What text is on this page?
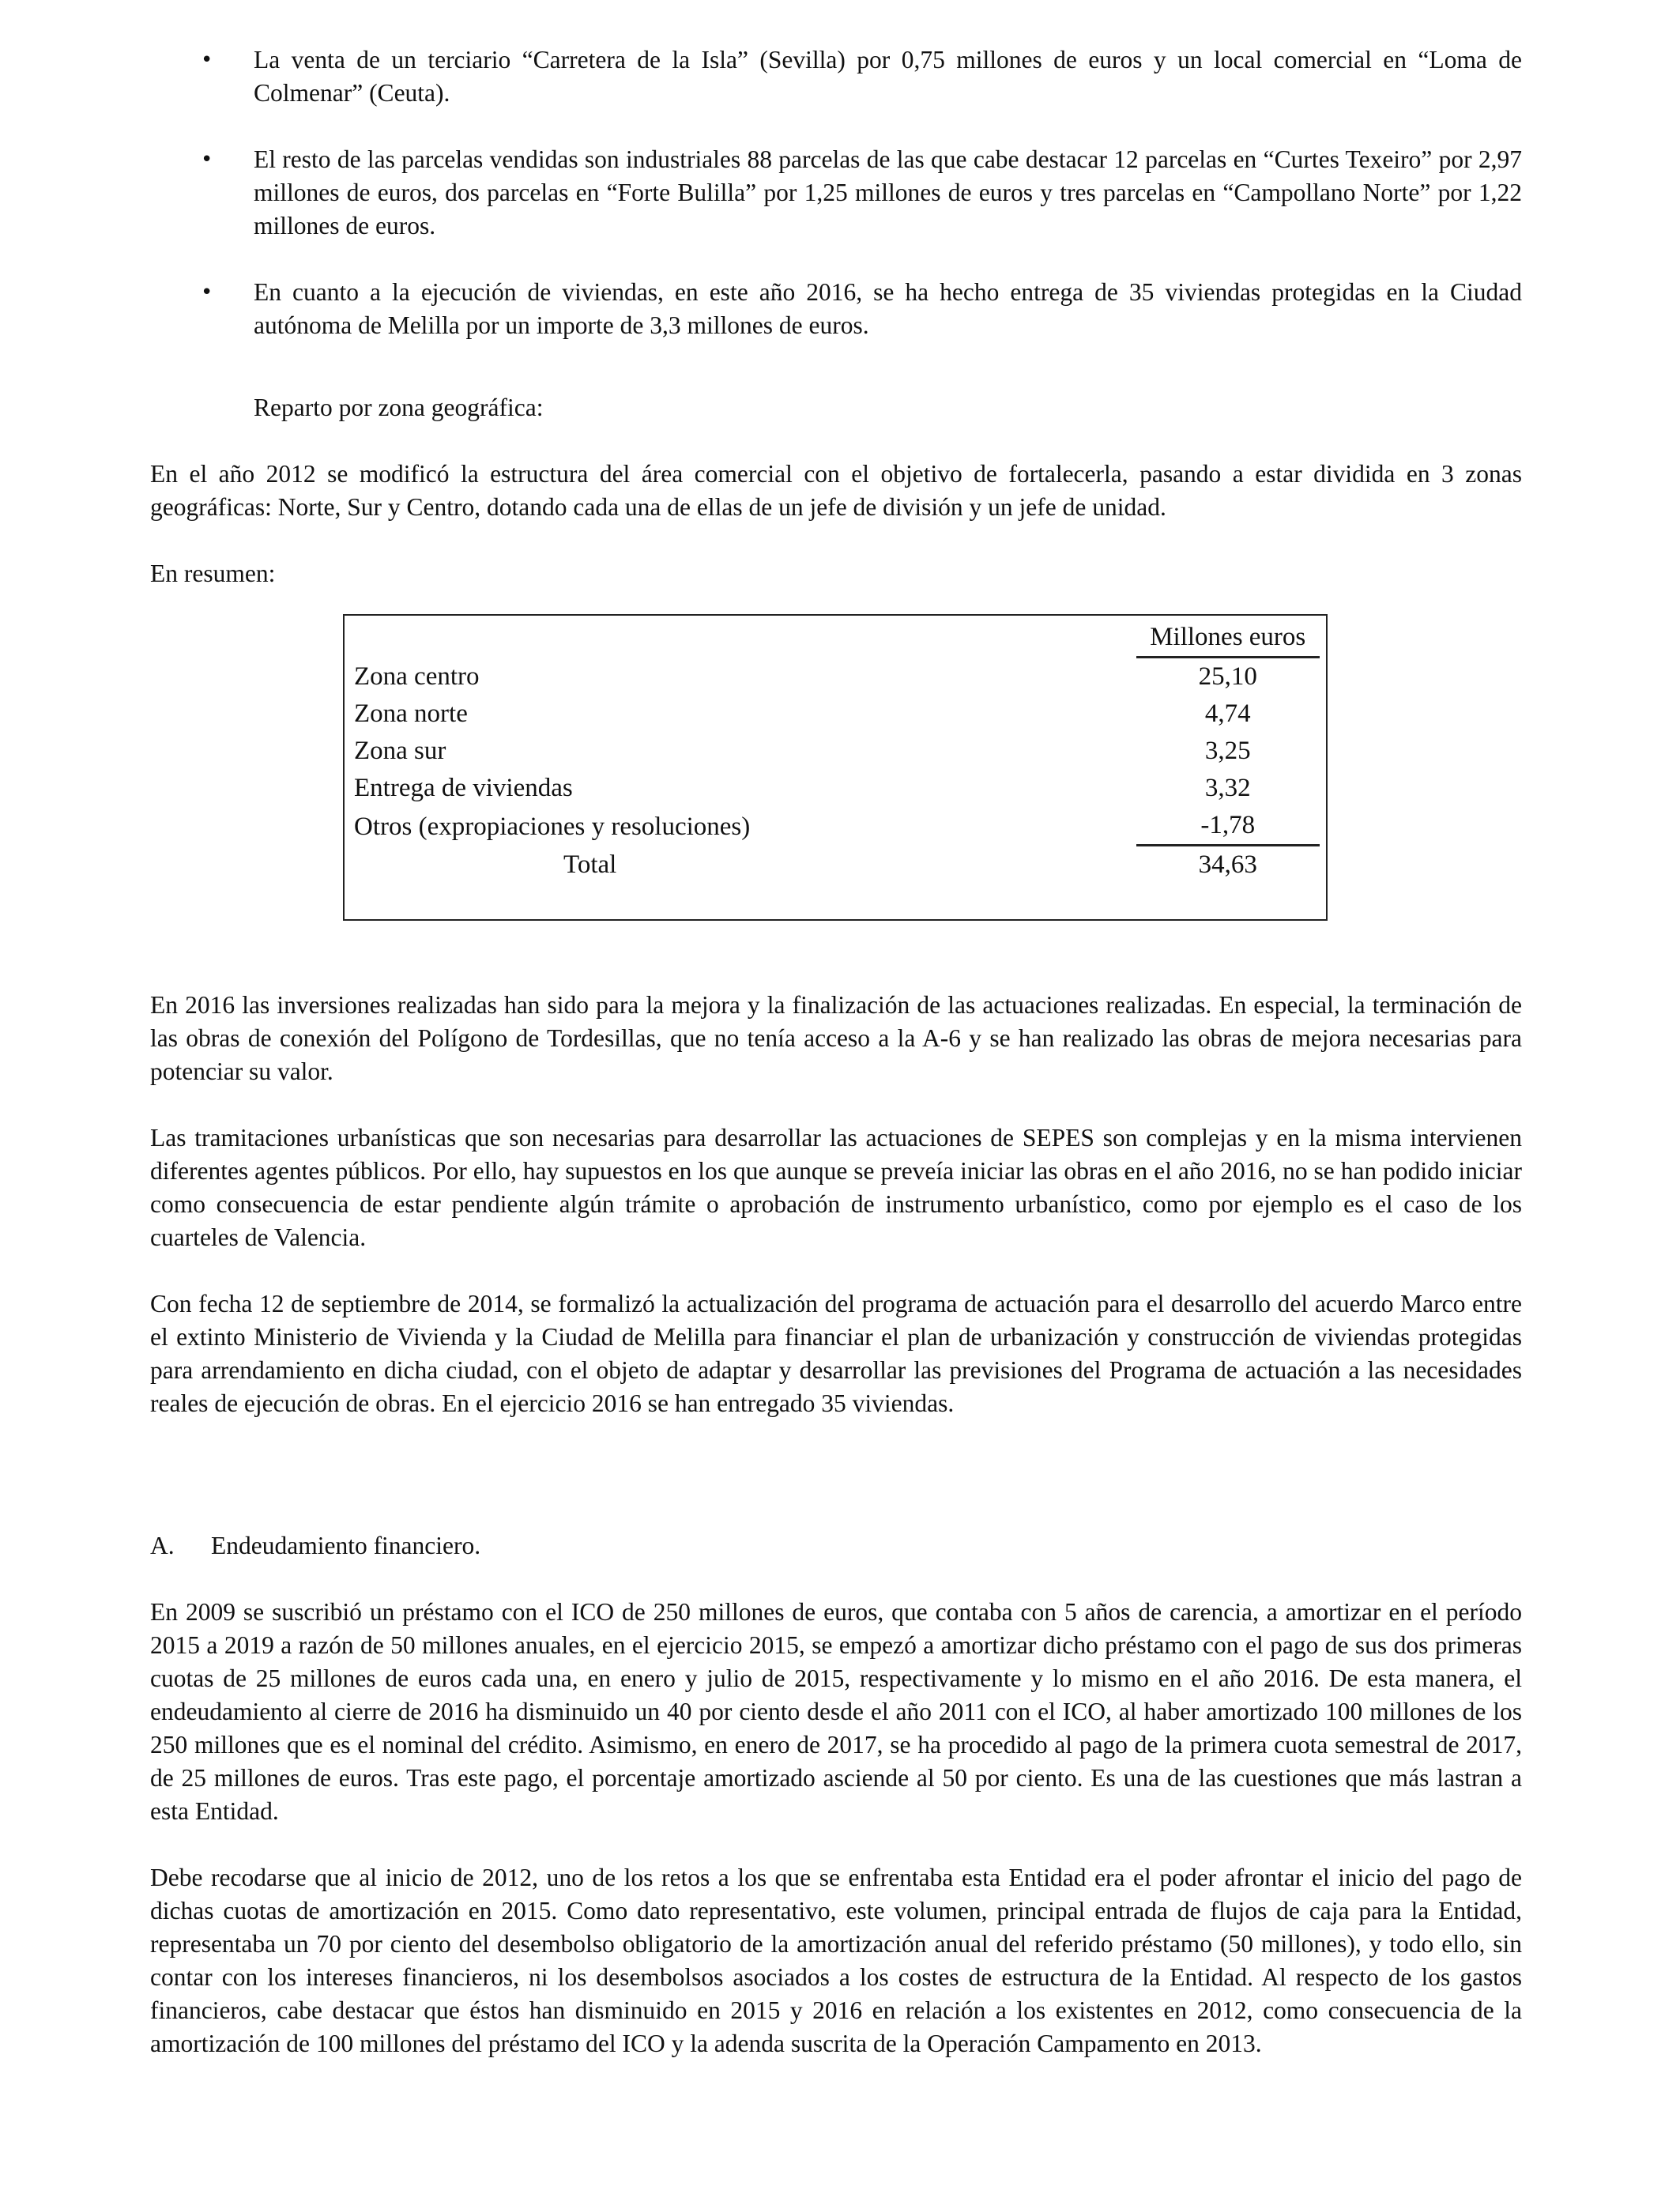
• La venta de un terciario “Carretera de la Isla” (Sevilla) por 0,75 millones de euros y un local comercial en “Loma de Colmenar” (Ceuta).
• El resto de las parcelas vendidas son industriales 88 parcelas de las que cabe destacar 12 parcelas en “Curtes Texeiro” por 2,97 millones de euros, dos parcelas en “Forte Bulilla” por 1,25 millones de euros y tres parcelas en “Campollano Norte” por 1,22 millones de euros.
• En cuanto a la ejecución de viviendas, en este año 2016, se ha hecho entrega de 35 viviendas protegidas en la Ciudad autónoma de Melilla por un importe de 3,3 millones de euros.

Reparto por zona geográfica:

En el año 2012 se modificó la estructura del área comercial con el objetivo de fortalecerla, pasando a estar dividida en 3 zonas geográficas: Norte, Sur y Centro, dotando cada una de ellas de un jefe de división y un jefe de unidad.

En resumen:

	Millones euros
Zona centro	25,10
Zona norte	4,74
Zona sur	3,25
Entrega de viviendas	3,32
Otros (expropiaciones y resoluciones)	-1,78
Total	34,63

En 2016 las inversiones realizadas han sido para la mejora y la finalización de las actuaciones realizadas. En especial, la terminación de las obras de conexión del Polígono de Tordesillas, que no tenía acceso a la A-6 y se han realizado las obras de mejora necesarias para potenciar su valor.

Las tramitaciones urbanísticas que son necesarias para desarrollar las actuaciones de SEPES son complejas y en la misma intervienen diferentes agentes públicos. Por ello, hay supuestos en los que aunque se preveía iniciar las obras en el año 2016, no se han podido iniciar como consecuencia de estar pendiente algún trámite o aprobación de instrumento urbanístico, como por ejemplo es el caso de los cuarteles de Valencia.

Con fecha 12 de septiembre de 2014, se formalizó la actualización del programa de actuación para el desarrollo del acuerdo Marco entre el extinto Ministerio de Vivienda y la Ciudad de Melilla para financiar el plan de urbanización y construcción de viviendas protegidas para arrendamiento en dicha ciudad, con el objeto de adaptar y desarrollar las previsiones del Programa de actuación a las necesidades reales de ejecución de obras. En el ejercicio 2016 se han entregado 35 viviendas.

A.	Endeudamiento financiero.

En 2009 se suscribió un préstamo con el ICO de 250 millones de euros, que contaba con 5 años de carencia, a amortizar en el período 2015 a 2019 a razón de 50 millones anuales, en el ejercicio 2015, se empezó a amortizar dicho préstamo con el pago de sus dos primeras cuotas de 25 millones de euros cada una, en enero y julio de 2015, respectivamente y lo mismo en el año 2016. De esta manera, el endeudamiento al cierre de 2016 ha disminuido un 40 por ciento desde el año 2011 con el ICO, al haber amortizado 100 millones de los 250 millones que es el nominal del crédito. Asimismo, en enero de 2017, se ha procedido al pago de la primera cuota semestral de 2017, de 25 millones de euros. Tras este pago, el porcentaje amortizado asciende al 50 por ciento. Es una de las cuestiones que más lastran a esta Entidad.

Debe recodarse que al inicio de 2012, uno de los retos a los que se enfrentaba esta Entidad era el poder afrontar el inicio del pago de dichas cuotas de amortización en 2015. Como dato representativo, este volumen, principal entrada de flujos de caja para la Entidad, representaba un 70 por ciento del desembolso obligatorio de la amortización anual del referido préstamo (50 millones), y todo ello, sin contar con los intereses financieros, ni los desembolsos asociados a los costes de estructura de la Entidad. Al respecto de los gastos financieros, cabe destacar que éstos han disminuido en 2015 y 2016 en relación a los existentes en 2012, como consecuencia de la amortización de 100 millones del préstamo del ICO y la adenda suscrita de la Operación Campamento en 2013.
